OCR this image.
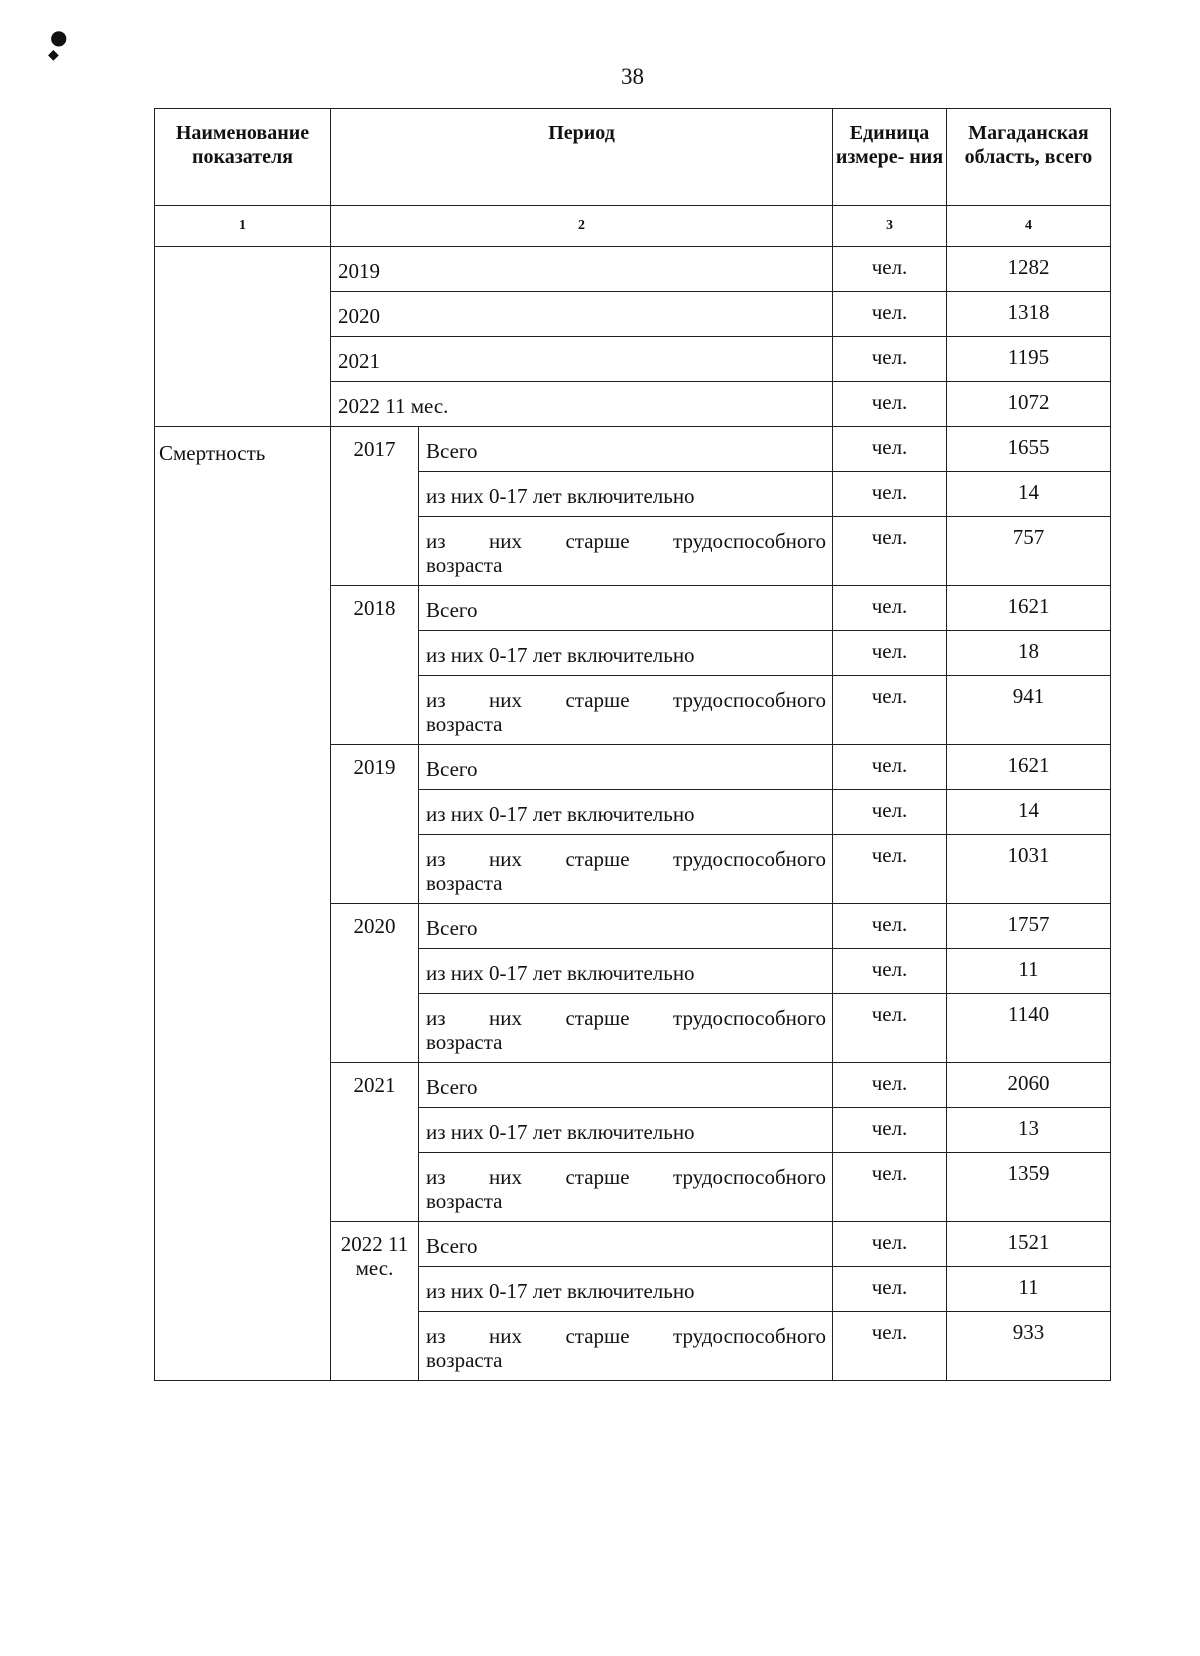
●
◆
38
Наименование показателя	Период		Единица измере- ния	Магаданская область, всего
1	2		3	4

	2019		чел.	1282

	2020		чел.	1318

	2021		чел.	1195

	2022 11 мес.		чел.	1072

Смертность	2017	Всего	чел.	1655

		из них 0-17 лет включительно	чел.	14

		из них старше трудоспособного
возраста	чел.	757

	2018	Всего	чел.	1621

		из них 0-17 лет включительно	чел.	18

		из них старше трудоспособного
возраста	чел.	941

	2019	Всего	чел.	1621

		из них 0-17 лет включительно	чел.	14

		из них старше трудоспособного
возраста	чел.	1031

	2020	Всего	чел.	1757

		из них 0-17 лет включительно	чел.	11

		из них старше трудоспособного
возраста	чел.	1140

	2021	Всего	чел.	2060

		из них 0-17 лет включительно	чел.	13

		из них старше трудоспособного
возраста	чел.	1359

	2022 11 мес.	Всего	чел.	1521

		из них 0-17 лет включительно	чел.	11

		из них старше трудоспособного
возраста	чел.	933
